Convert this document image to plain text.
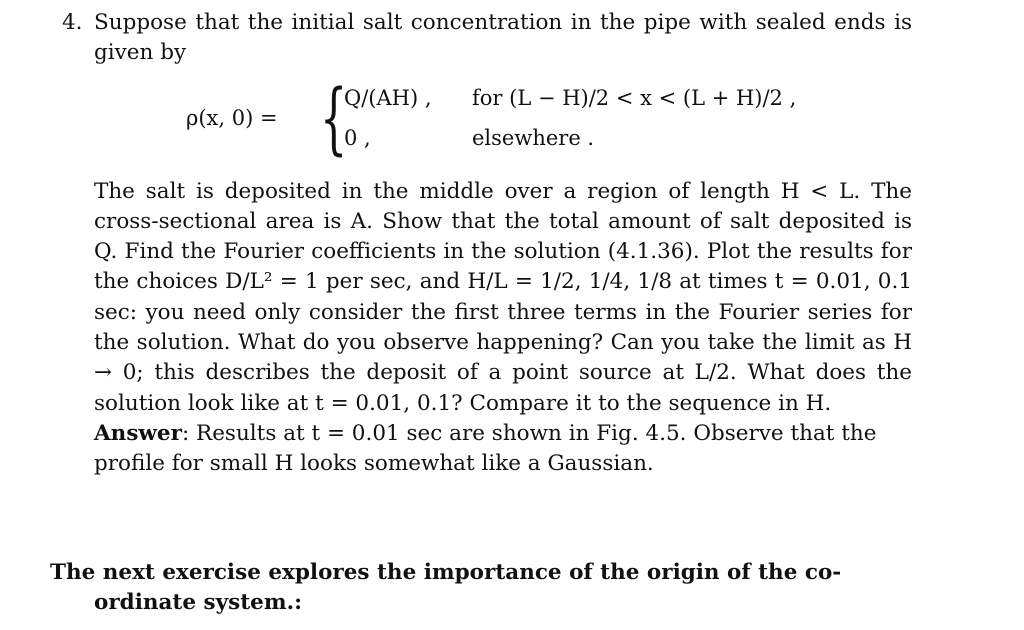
4. Suppose that the initial salt concentration in the pipe with sealed ends is given by

ρ(x, 0) = {
Q/(AH) , for (L − H)/2 < x < (L + H)/2 ,
0 ,	elsewhere .

The salt is deposited in the middle over a region of length H < L. The cross-sectional area is A. Show that the total amount of salt deposited is Q. Find the Fourier coefficients in the solution (4.1.36). Plot the results for the choices D/L² = 1 per sec, and H/L = 1/2, 1/4, 1/8 at times t = 0.01, 0.1 sec: you need only consider the first three terms in the Fourier series for the solution. What do you observe happening? Can you take the limit as H → 0; this describes the deposit of a point source at L/2. What does the solution look like at t = 0.01, 0.1? Compare it to the sequence in H.

Answer: Results at t = 0.01 sec are shown in Fig. 4.5. Observe that the profile for small H looks somewhat like a Gaussian.

The next exercise explores the importance of the origin of the co-
ordinate system.:
